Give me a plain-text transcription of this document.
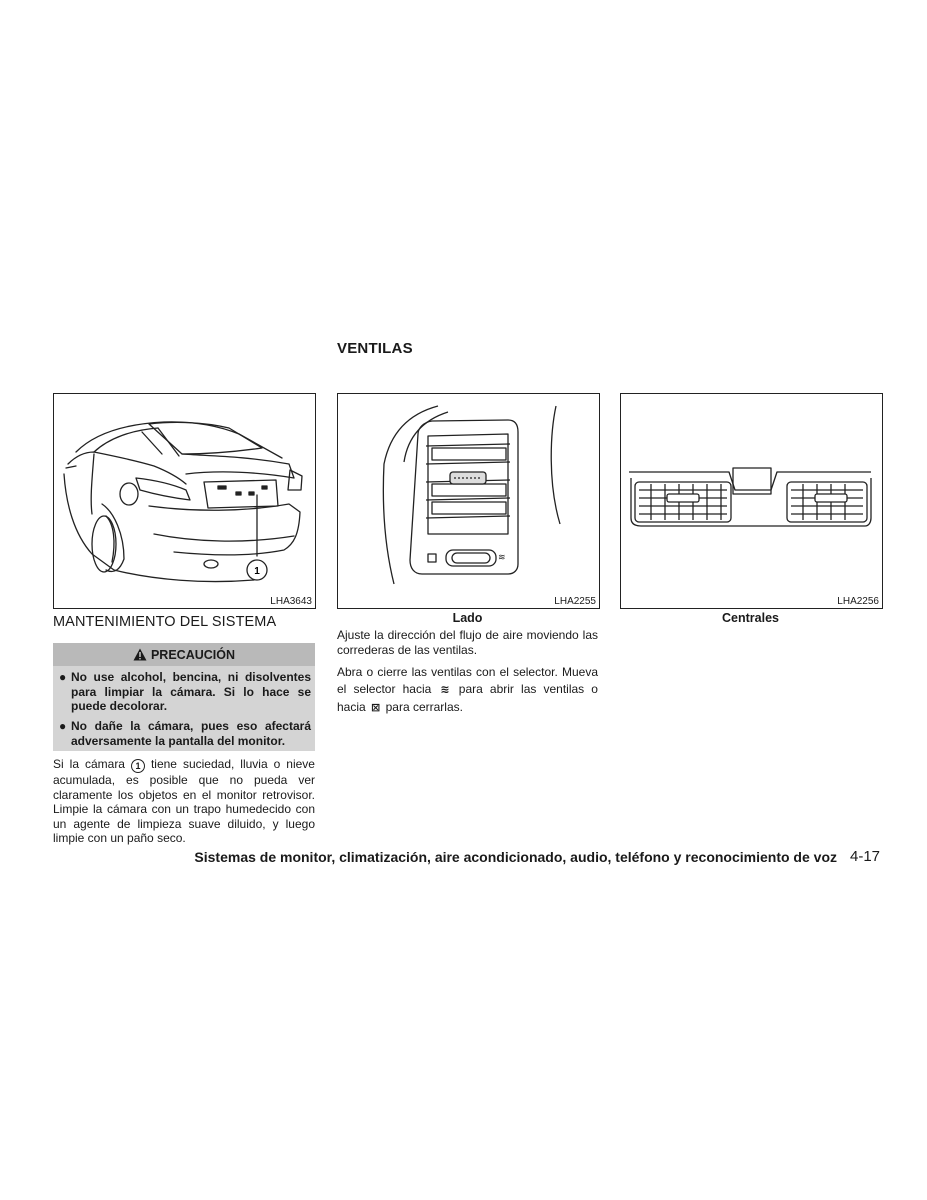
VENTILAS
1
LHA3643
≋
LHA2255	LHA2256
Lado	Centrales
MANTENIMIENTO DEL SISTEMA
PRECAUCIÓN
● No use alcohol, bencina, ni disolventes para limpiar la cámara. Si lo hace se puede decolorar.
● No dañe la cámara, pues eso afectará adversamente la pantalla del monitor.
Si la cámara 1 tiene suciedad, lluvia o nieve acumulada, es posible que no pueda ver claramente los objetos en el monitor retrovisor. Limpie la cámara con un trapo humedecido con un agente de limpieza suave diluido, y luego limpie con un paño seco.
Ajuste la dirección del flujo de aire moviendo las correderas de las ventilas.
Abra o cierre las ventilas con el selector. Mueva el selector hacia ≋ para abrir las ventilas o hacia ⊠ para cerrarlas.
Sistemas de monitor, climatización, aire acondicionado, audio, teléfono y reconocimiento de voz 4-17
